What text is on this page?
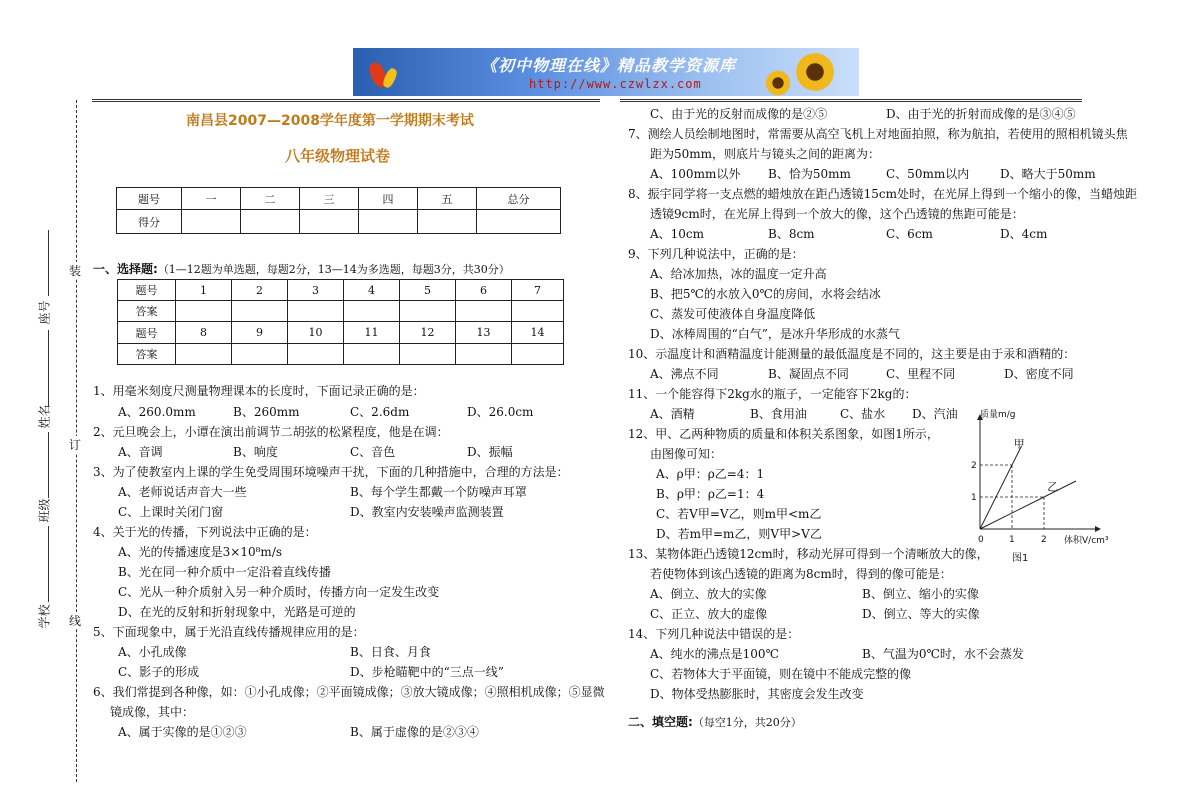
《初中物理在线》精品教学资源库
http://www.czwlzx.com
装
订
线
座号
姓名
班级
学校
南昌县2007—2008学年度第一学期期末考试
八年级物理试卷
题号	一	二	三	四	五	总分
得分						
一、选择题:（1—12题为单选题，每题2分，13—14为多选题，每题3分，共30分）
题号	1	2	3	4	5	6	7
答案							
题号	8	9	10	11	12	13	14
答案							
1、用毫米刻度尺测量物理课本的长度时，下面记录正确的是：
A、260.0mm	B、260mm	C、2.6dm	D、26.0cm
2、元旦晚会上，小谭在演出前调节二胡弦的松紧程度，他是在调：
A、音调	B、响度	C、音色	D、振幅
3、为了使教室内上课的学生免受周围环境噪声干扰，下面的几种措施中，合理的方法是：
A、老师说话声音大一些	B、每个学生都戴一个防噪声耳罩
C、上课时关闭门窗	D、教室内安装噪声监测装置
4、关于光的传播，下列说法中正确的是：
A、光的传播速度是3×10⁸m/s
B、光在同一种介质中一定沿着直线传播
C、光从一种介质射入另一种介质时，传播方向一定发生改变
D、在光的反射和折射现象中，光路是可逆的
5、下面现象中，属于光沿直线传播规律应用的是：
A、小孔成像	B、日食、月食
C、影子的形成	D、步枪瞄靶中的“三点一线”
6、我们常提到各种像，如：①小孔成像；②平面镜成像；③放大镜成像；④照相机成像；⑤显微
镜成像，其中：
A、属于实像的是①②③	B、属于虚像的是②③④
C、由于光的反射而成像的是②⑤	D、由于光的折射而成像的是③④⑤
7、测绘人员绘制地图时，常需要从高空飞机上对地面拍照，称为航拍，若使用的照相机镜头焦
距为50mm，则底片与镜头之间的距离为：
A、100mm以外 B、恰为50mm	C、50mm以内	D、略大于50mm
8、振宇同学将一支点燃的蜡烛放在距凸透镜15cm处时，在光屏上得到一个缩小的像，当蜡烛距
透镜9cm时，在光屏上得到一个放大的像，这个凸透镜的焦距可能是：
A、10cm	B、8cm	C、6cm	D、4cm
9、下列几种说法中，正确的是：
A、给冰加热，冰的温度一定升高
B、把5℃的水放入0℃的房间，水将会结冰
C、蒸发可使液体自身温度降低
D、冰棒周围的“白气”，是冰升华形成的水蒸气
10、示温度计和酒精温度计能测量的最低温度是不同的，这主要是由于汞和酒精的：
A、沸点不同	B、凝固点不同	C、里程不同	D、密度不同
11、一个能容得下2kg水的瓶子，一定能容下2kg的：
A、酒精	B、食用油	C、盐水 D、汽油
12、甲、乙两种物质的质量和体积关系图象，如图1所示，
由图像可知：
A、ρ甲：ρ乙=4：1
B、ρ甲：ρ乙=1：4
C、若V甲=V乙，则m甲<m乙
D、若m甲=m乙，则V甲>V乙
13、某物体距凸透镜12cm时，移动光屏可得到一个清晰放大的像，
若使物体到该凸透镜的距离为8cm时，得到的像可能是：
A、倒立、放大的实像	B、倒立、缩小的实像
C、正立、放大的虚像	D、倒立、等大的实像
14、下列几种说法中错误的是：
A、纯水的沸点是100℃	B、气温为0℃时，水不会蒸发
C、若物体大于平面镜，则在镜中不能成完整的像
D、物体受热膨胀时，其密度会发生改变
二、填空题:（每空1分，共20分）
甲
乙
0	1	2
1
2
质量m/g
体积V/cm³
图1
